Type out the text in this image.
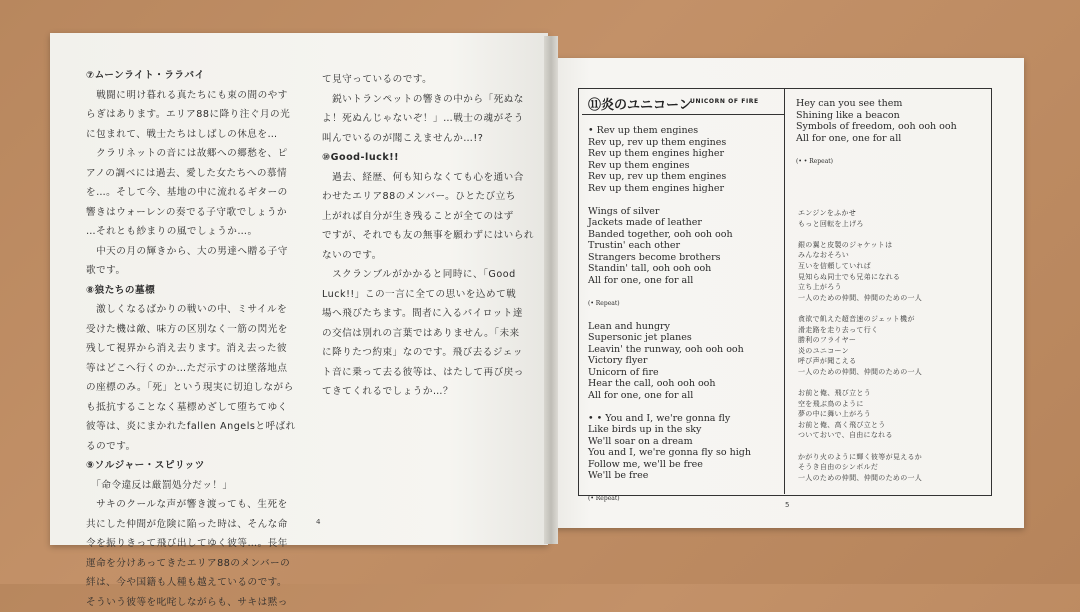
⑦ムーンライト・ララバイ

　戦闘に明け暮れる真たちにも束の間のやす

らぎはあります。エリア88に降り注ぐ月の光

に包まれて、戦士たちはしばしの休息を…

　クラリネットの音には故郷への郷愁を、ピ

アノの調べには過去、愛した女たちへの慕情

を…。そして今、基地の中に流れるギターの

響きはウォーレンの奏でる子守歌でしょうか

…それとも紗まりの風でしょうか…。

　中天の月の輝きから、大の男達へ贈る子守

歌です。

⑧狼たちの墓標

　激しくなるばかりの戦いの中、ミサイルを

受けた機は敵、味方の区別なく一筋の閃光を

残して視界から消え去ります。消え去った彼

等はどこへ行くのか…ただ示すのは墜落地点

の座標のみ。「死」という現実に切迫しながら

も抵抗することなく墓標めざして堕ちてゆく

彼等は、炎にまかれたfallen Angelsと呼ばれ

るのです。

⑨ソルジャー・スピリッツ

　「命令違反は厳罰処分だッ！」

　サキのクールな声が響き渡っても、生死を

共にした仲間が危険に陥った時は、そんな命

令を振りきって飛び出してゆく彼等…。長年

運命を分けあってきたエリア88のメンバーの

絆は、今や国籍も人種も越えているのです。

そういう彼等を叱咤しながらも、サキは黙っ

て見守っているのです。

　鋭いトランペットの響きの中から「死ぬな

よ！死ぬんじゃないぞ！」…戦士の魂がそう

叫んでいるのが聞こえませんか…!?

⑩Good-luck!!

　過去、経歴、何も知らなくても心を通い合

わせたエリア88のメンバー。ひとたび立ち

上がれば自分が生き残ることが全てのはず

ですが、それでも友の無事を願わずにはいられ

ないのです。

　スクランブルがかかると同時に、「Good

Luck!!」この一言に全ての思いを込めて戦

場へ飛びたちます。間者に入るパイロット達

の交信は別れの言葉ではありません。「未来

に降りたつ約束」なのです。飛び去るジェッ

ト音に乗って去る彼等は、はたして再び戻っ

てきてくれるでしょうか…？

4
⑪炎のユニコーン
UNICORN OF FIRE

• Rev up them engines

Rev up, rev up them engines

Rev up them engines higher

Rev up them engines

Rev up, rev up them engines

Rev up them engines higher

Wings of silver

Jackets made of leather

Banded together, ooh ooh ooh

Trustin' each other

Strangers become brothers

Standin' tall, ooh ooh ooh

All for one, one for all

(• Repeat)

Lean and hungry

Supersonic jet planes

Leavin' the runway, ooh ooh ooh

Victory flyer

Unicorn of fire

Hear the call, ooh ooh ooh

All for one, one for all

• • You and I, we're gonna fly

Like birds up in the sky

We'll soar on a dream

You and I, we're gonna fly so high

Follow me, we'll be free

We'll be free

(• Repeat)

Hey can you see them

Shining like a beacon

Symbols of freedom, ooh ooh ooh

All for one, one for all

(• • Repeat)

エンジンをふかせ

もっと回転を上げろ

銀の翼と皮製のジャケットは

みんなおそろい

互いを信頼していれば

見知らぬ同士でも兄弟になれる

立ち上がろう

一人のための仲間、仲間のための一人

貪欲で飢えた超音速のジェット機が

滑走路を走り去って行く

勝利のフライヤー

炎のユニコーン

呼び声が聞こえる

一人のための仲間、仲間のための一人

お前と俺、飛び立とう

空を飛ぶ鳥のように

夢の中に舞い上がろう

お前と俺、高く飛び立とう

ついておいで、自由になれる

かがり火のように輝く彼等が見えるか

そうき自由のシンボルだ

一人のための仲間、仲間のための一人

5
